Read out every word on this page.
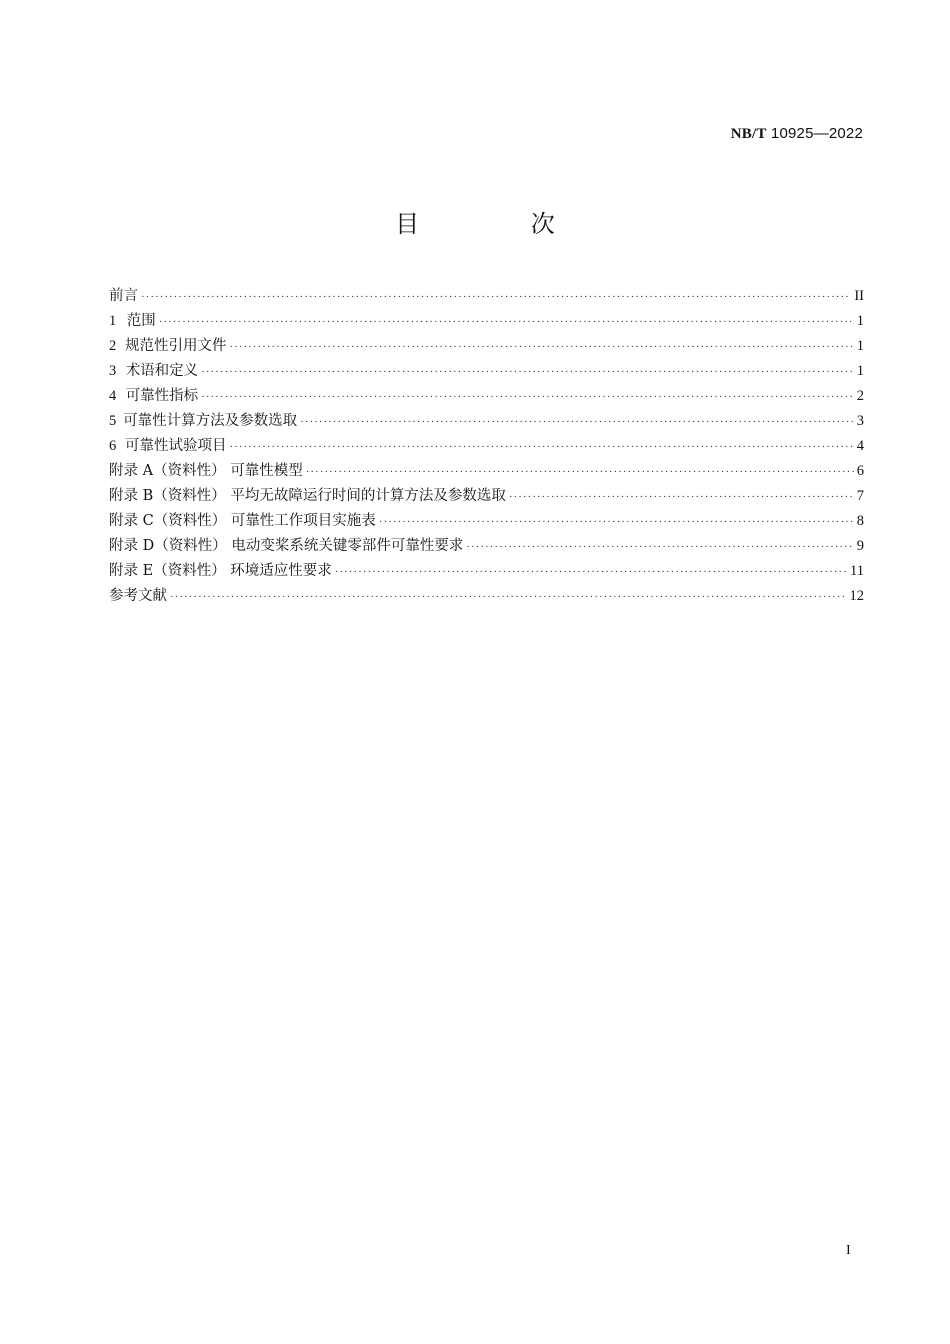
NB/T 10925—2022
目 次
前言 ·····	II
1 范围 ·····	1
2 规范性引用文件 ·····	1
3 术语和定义 ·····	1
4 可靠性指标 ·····	2
5 可靠性计算方法及参数选取 ·····	3
6 可靠性试验项目 ·····	4
附录 A（资料性） 可靠性模型 ·····	6
附录 B（资料性） 平均无故障运行时间的计算方法及参数选取 ·····	7
附录 C（资料性） 可靠性工作项目实施表 ·····	8
附录 D（资料性） 电动变桨系统关键零部件可靠性要求 ·····	9
附录 E（资料性） 环境适应性要求 ·····	11
参考文献 ·····	12
I
